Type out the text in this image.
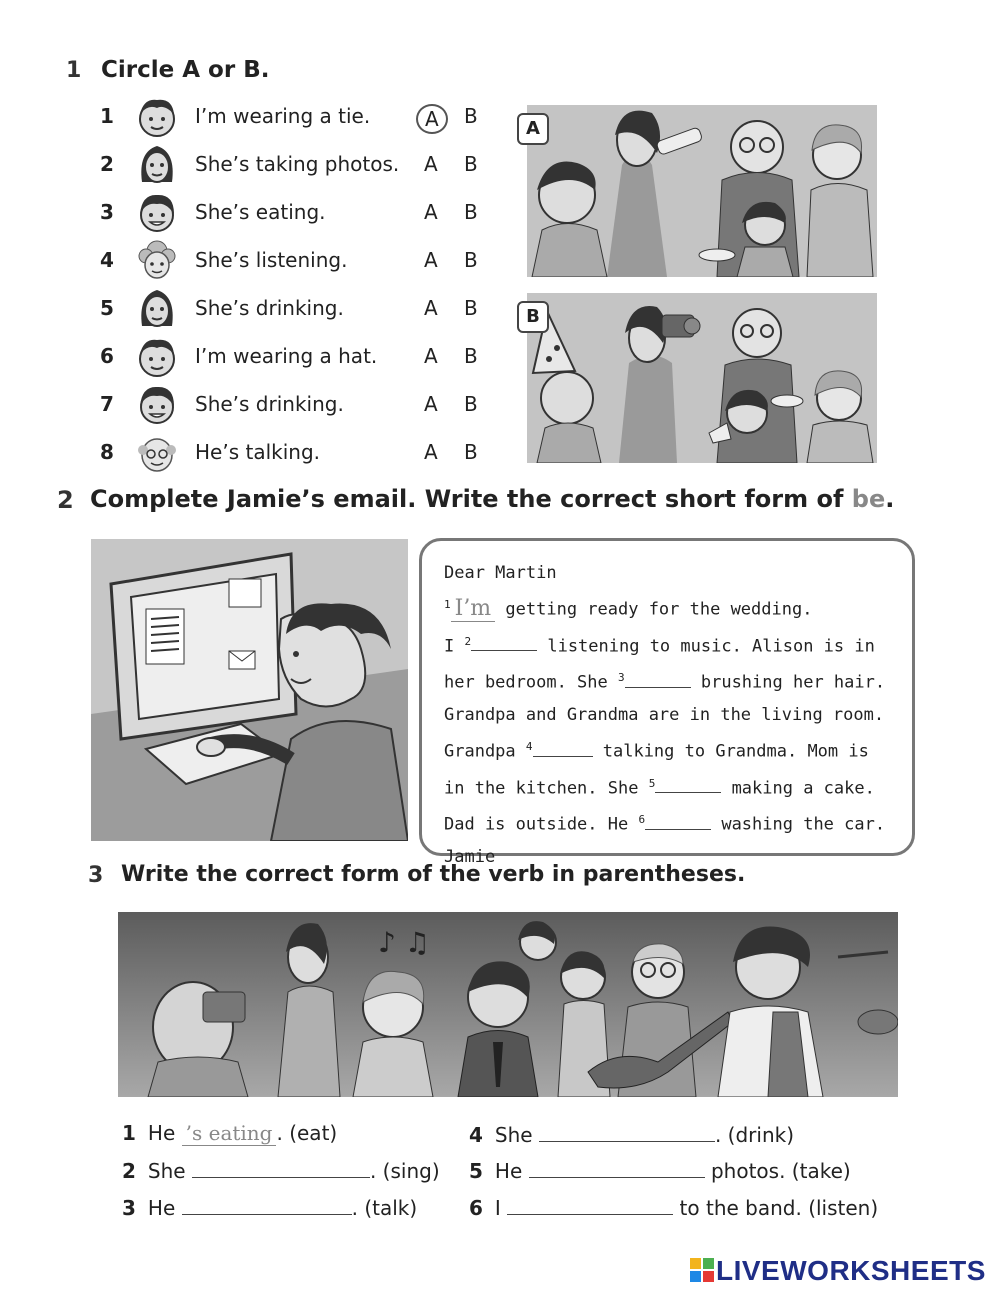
1 Circle A or B.
1	I’m wearing a tie.	A	B
2	She’s taking photos. A B
3	She’s eating.	A B
4	She’s listening.	A B
5	She’s drinking.	A B
6	I’m wearing a hat. A B
7	She’s drinking.	A B
8	He’s talking.	A B
A
B
2 Complete Jamie’s email. Write the correct short form of be.
Dear Martin
$^1$ I’m getting ready for the wedding.
I $^2$	listening to music. Alison is in
her bedroom. She $^3$	brushing her hair.
Grandpa and Grandma are in the living room.
Grandpa $^4$	talking to Grandma. Mom is
in the kitchen. She $^5$	making a cake.
Dad is outside. He $^6$	washing the car.
Jamie
3 Write the correct form of the verb in parentheses.
♪ ♫
1 He ’s eating . (eat)
2 She	. (sing)
3 He	. (talk)
4 She	. (drink)
5 He	photos. (take)
6 I	to the band. (listen)
LIVEWORKSHEETS
